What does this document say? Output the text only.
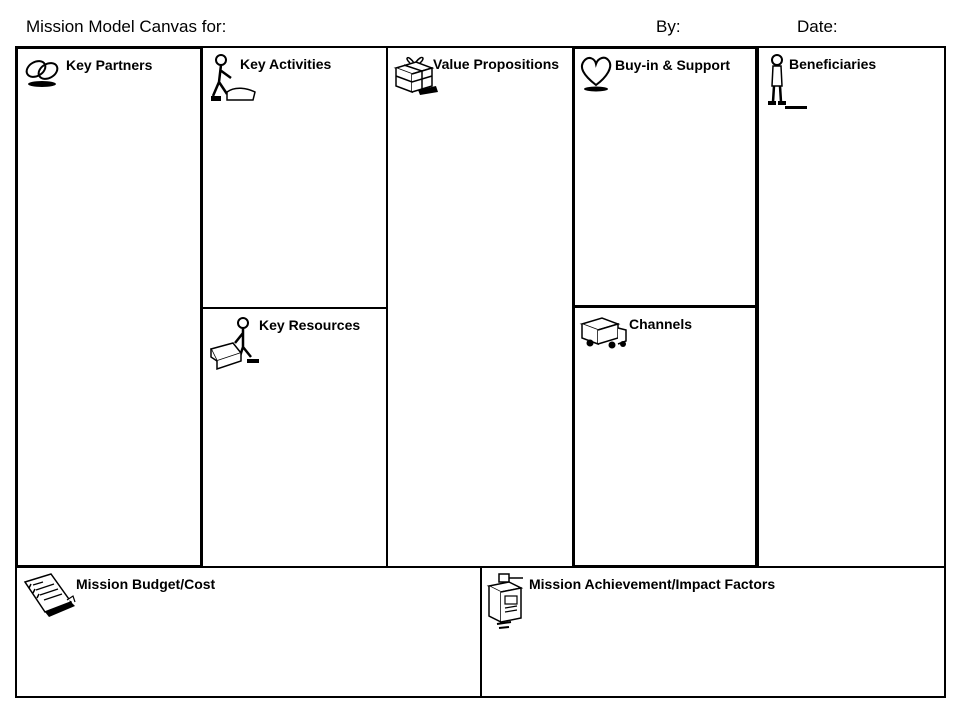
Mission Model Canvas for:	By:	Date:
Key Partners	Key Activities
Key Resources
Value Propositions	Buy-in & Support
Channels
Beneficiaries
Mission Budget/Cost	Mission Achievement/Impact Factors
